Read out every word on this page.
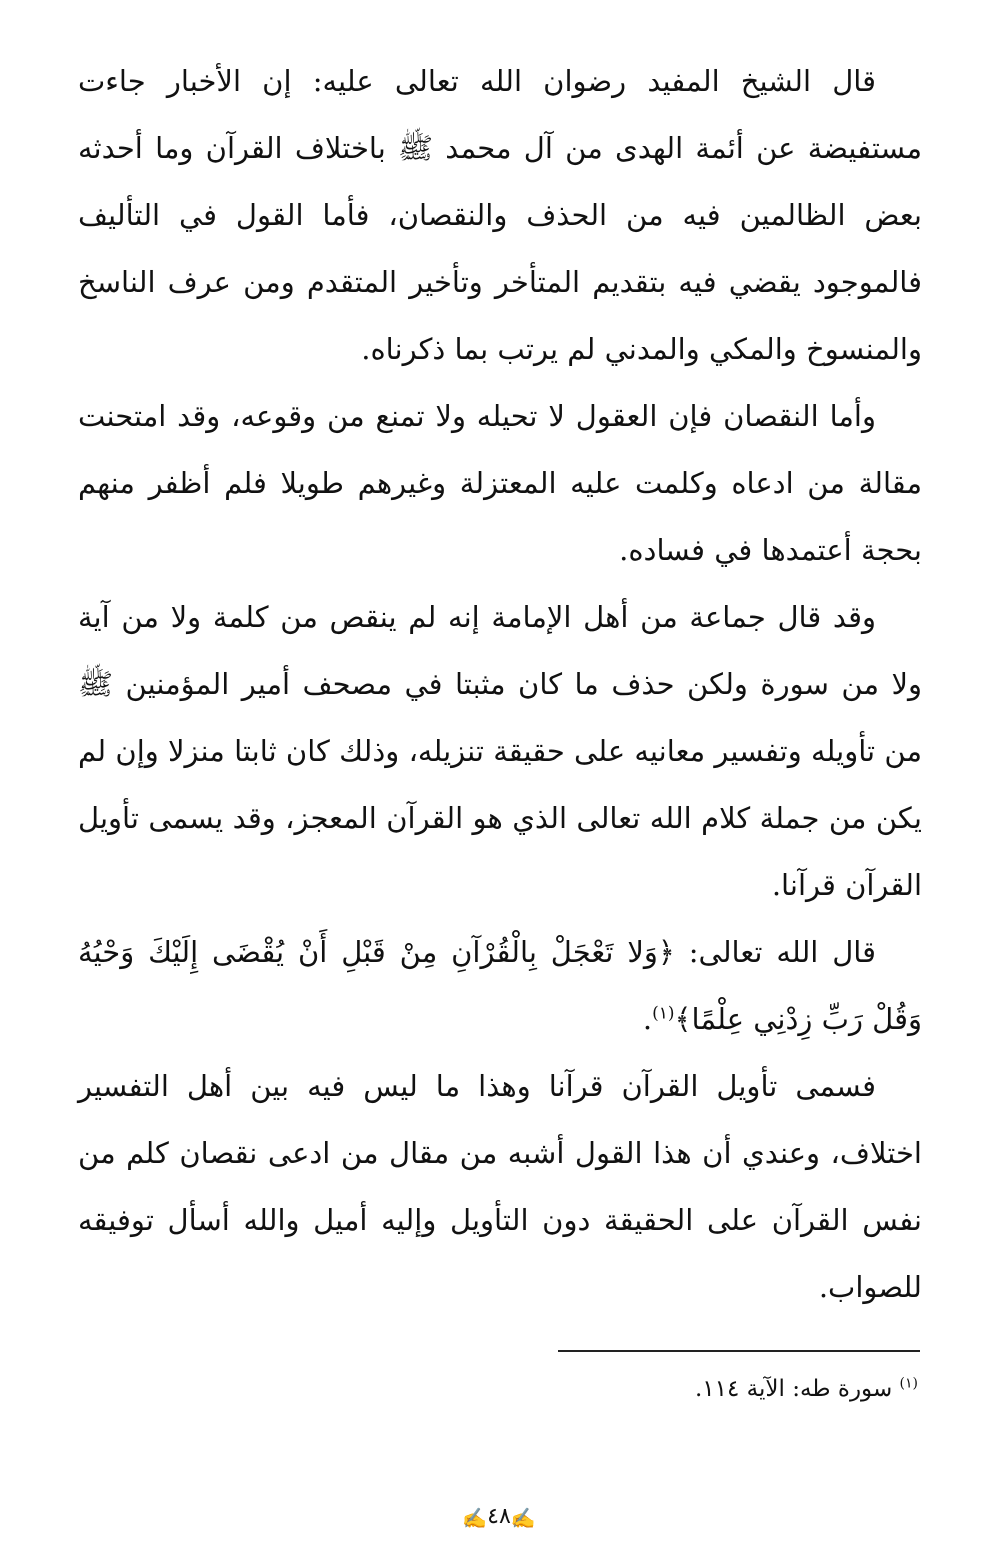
قال الشيخ المفيد رضوان الله تعالى عليه: إن الأخبار جاءت مستفيضة عن أئمة الهدى من آل محمد ﷺ باختلاف القرآن وما أحدثه بعض الظالمين فيه من الحذف والنقصان، فأما القول في التأليف فالموجود يقضي فيه بتقديم المتأخر وتأخير المتقدم ومن عرف الناسخ والمنسوخ والمكي والمدني لم يرتب بما ذكرناه.

وأما النقصان فإن العقول لا تحيله ولا تمنع من وقوعه، وقد امتحنت مقالة من ادعاه وكلمت عليه المعتزلة وغيرهم طويلا فلم أظفر منهم بحجة أعتمدها في فساده.

وقد قال جماعة من أهل الإمامة إنه لم ينقص من كلمة ولا من آية ولا من سورة ولكن حذف ما كان مثبتا في مصحف أمير المؤمنين ﷺ من تأويله وتفسير معانيه على حقيقة تنزيله، وذلك كان ثابتا منزلا وإن لم يكن من جملة كلام الله تعالى الذي هو القرآن المعجز، وقد يسمى تأويل القرآن قرآنا.

قال الله تعالى: ﴿وَلا تَعْجَلْ بِالْقُرْآنِ مِنْ قَبْلِ أَنْ يُقْضَى إِلَيْكَ وَحْيُهُ وَقُلْ رَبِّ زِدْنِي عِلْمًا﴾$^{(١)}$.

فسمى تأويل القرآن قرآنا وهذا ما ليس فيه بين أهل التفسير اختلاف، وعندي أن هذا القول أشبه من مقال من ادعى نقصان كلم من نفس القرآن على الحقيقة دون التأويل وإليه أميل والله أسأل توفيقه للصواب.

$^{(١)}$ سورة طه: الآية ١١٤.
✍٤٨✍
